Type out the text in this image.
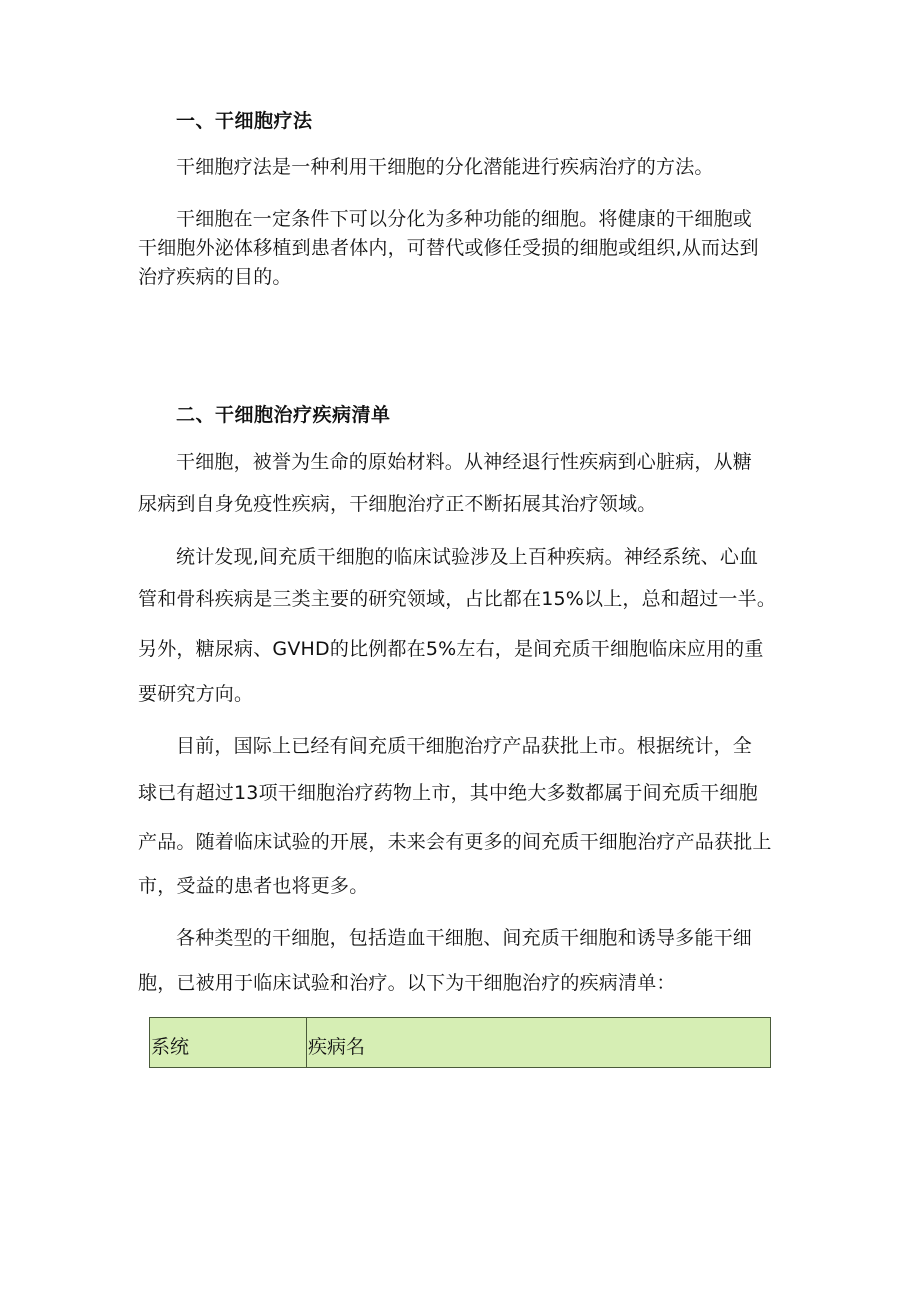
一、干细胞疗法
干细胞疗法是一种利用干细胞的分化潜能进行疾病治疗的方法。
干细胞在一定条件下可以分化为多种功能的细胞。将健康的干细胞或
干细胞外泌体移植到患者体内，可替代或修任受损的细胞或组织,从而达到
治疗疾病的目的。
二、干细胞治疗疾病清单
干细胞，被誉为生命的原始材料。从神经退行性疾病到心脏病，从糖
尿病到自身免疫性疾病，干细胞治疗正不断拓展其治疗领域。
统计发现,间充质干细胞的临床试验涉及上百种疾病。神经系统、心血
管和骨科疾病是三类主要的研究领域，占比都在15%以上，总和超过一半。
另外，糖尿病、GVHD的比例都在5%左右，是间充质干细胞临床应用的重
要研究方向。
目前，国际上已经有间充质干细胞治疗产品获批上市。根据统计，全
球已有超过13项干细胞治疗药物上市，其中绝大多数都属于间充质干细胞
产品。随着临床试验的开展，未来会有更多的间充质干细胞治疗产品获批上
市，受益的患者也将更多。
各种类型的干细胞，包括造血干细胞、间充质干细胞和诱导多能干细
胞，已被用于临床试验和治疗。以下为干细胞治疗的疾病清单：
系统	疾病名
